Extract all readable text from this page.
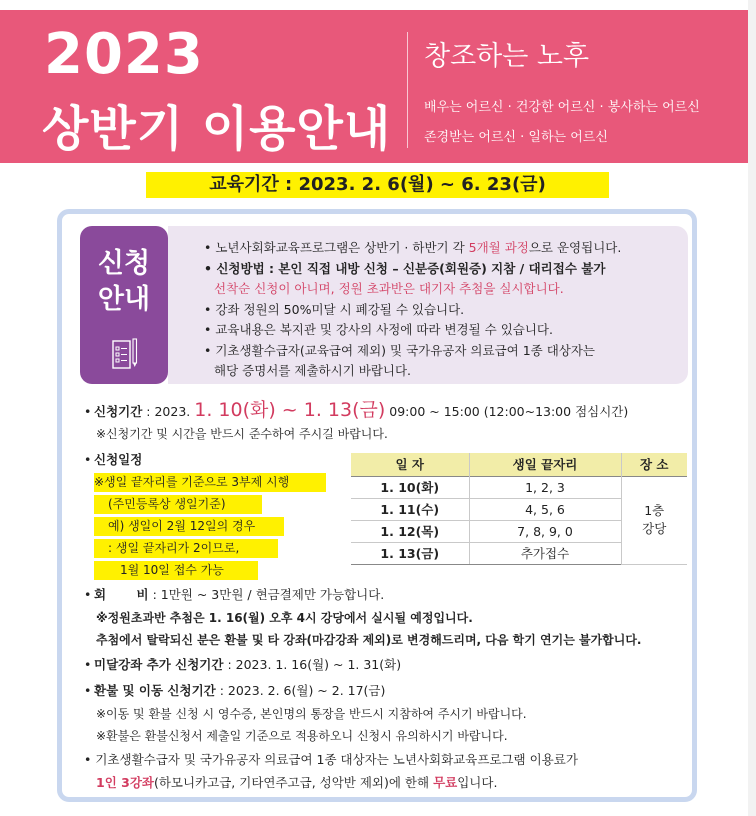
2023
상반기 이용안내
창조하는 노후
배우는 어르신 · 건강한 어르신 · 봉사하는 어르신
존경받는 어르신 · 일하는 어르신
교육기간 : 2023. 2. 6(월) ~ 6. 23(금)
신청
안내

• 노년사회화교육프로그램은 상반기 · 하반기 각 5개월 과정으로 운영됩니다.

• 신청방법 : 본인 직접 내방 신청 – 신분증(회원증) 지참 / 대리접수 불가

선착순 신청이 아니며, 정원 초과반은 대기자 추첨을 실시합니다.

• 강좌 정원의 50%미달 시 폐강될 수 있습니다.

• 교육내용은 복지관 및 강사의 사정에 따라 변경될 수 있습니다.

• 기초생활수급자(교육급여 제외) 및 국가유공자 의료급여 1종 대상자는

해당 증명서를 제출하시기 바랍니다.

• 신청기간 : 2023. 1. 10(화) ~ 1. 13(금) 09:00 ~ 15:00 (12:00~13:00 점심시간)
※신청기간 및 시간을 반드시 준수하여 주시길 바랍니다.
• 신청일정
※생일 끝자리를 기준으로 3부제 시행
(주민등록상 생일기준)
예) 생일이 2월 12일의 경우
: 생일 끝자리가 2이므로,
1월 10일 접수 가능
일 자	생일 끝자리	장 소
1. 10(화)	1, 2, 3	1층
강당
1. 11(수)	4, 5, 6	
1. 12(목)	7, 8, 9, 0	
1. 13(금)	추가접수	
• 회       비 : 1만원 ~ 3만원 / 현금결제만 가능합니다.
※정원초과반 추첨은 1. 16(월) 오후 4시 강당에서 실시될 예정입니다.
추첨에서 탈락되신 분은 환불 및 타 강좌(마감강좌 제외)로 변경해드리며, 다음 학기 연기는 불가합니다.
• 미달강좌 추가 신청기간 : 2023. 1. 16(월) ~ 1. 31(화)
• 환불 및 이동 신청기간 : 2023. 2. 6(월) ~ 2. 17(금)
※이동 및 환불 신청 시 영수증, 본인명의 통장을 반드시 지참하여 주시기 바랍니다.
※환불은 환불신청서 제출일 기준으로 적용하오니 신청시 유의하시기 바랍니다.
• 기초생활수급자 및 국가유공자 의료급여 1종 대상자는 노년사회화교육프로그램 이용료가
1인 3강좌(하모니카고급, 기타연주고급, 성악반 제외)에 한해 무료입니다.
